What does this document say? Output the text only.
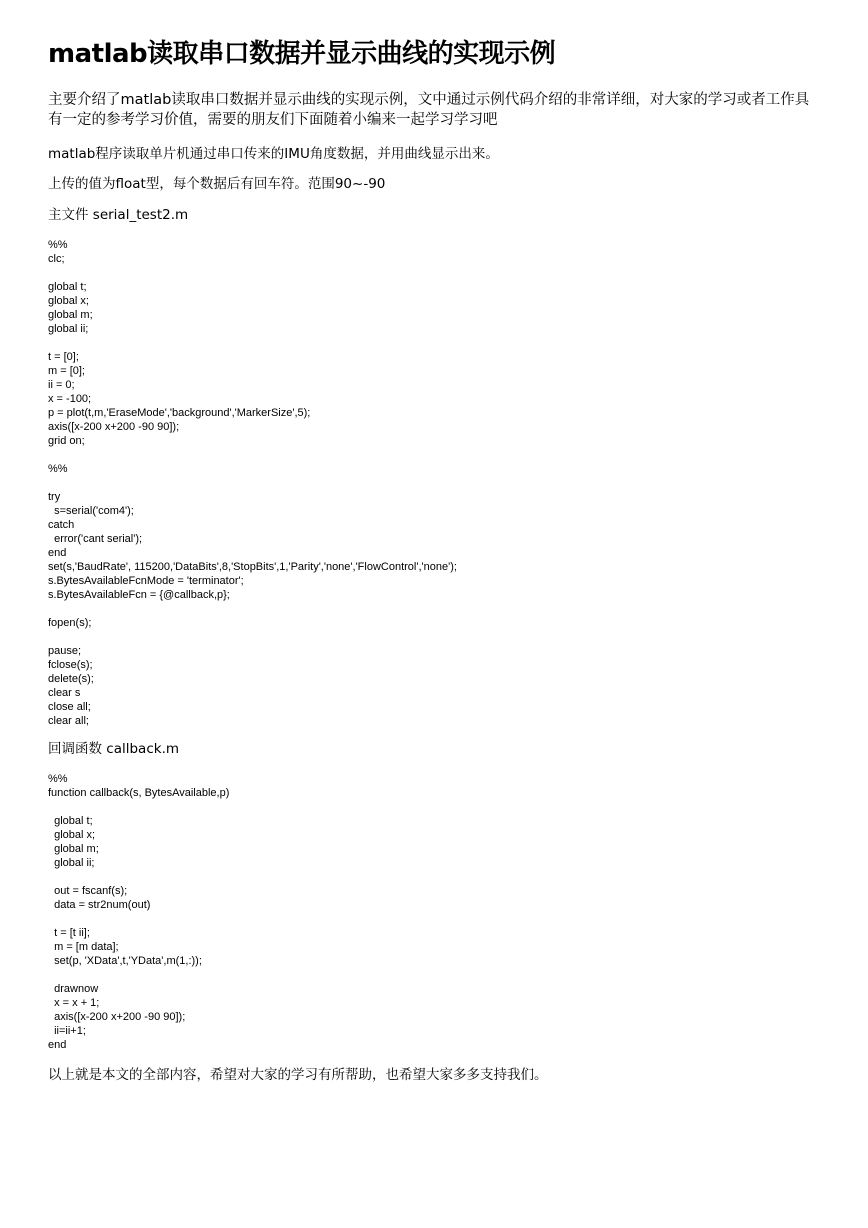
matlab读取串口数据并显示曲线的实现示例

主要介绍了matlab读取串口数据并显示曲线的实现示例，文中通过示例代码介绍的非常详细，对大家的学习或者工作具有一定的参考学习价值，需要的朋友们下面随着小编来一起学习学习吧

matlab程序读取单片机通过串口传来的IMU角度数据，并用曲线显示出来。

上传的值为float型，每个数据后有回车符。范围90~-90

主文件 serial_test2.m

%%
clc;

global t;
global x;
global m;
global ii;

t = [0];
m = [0];
ii = 0;
x = -100;
p = plot(t,m,'EraseMode','background','MarkerSize',5);
axis([x-200 x+200 -90 90]);
grid on;

%%

try
s=serial('com4');
catch
error('cant serial');
end
set(s,'BaudRate', 115200,'DataBits',8,'StopBits',1,'Parity','none','FlowControl','none');
s.BytesAvailableFcnMode = 'terminator';
s.BytesAvailableFcn = {@callback,p};

fopen(s);

pause;
fclose(s);
delete(s);
clear s
close all;
clear all;

回调函数 callback.m

%%
function callback(s, BytesAvailable,p)

global t;
global x;
global m;
global ii;

out = fscanf(s);
data = str2num(out)

t = [t ii];
m = [m data];
set(p, 'XData',t,'YData',m(1,:));

drawnow
x = x + 1;
axis([x-200 x+200 -90 90]);
ii=ii+1;
end

以上就是本文的全部内容，希望对大家的学习有所帮助，也希望大家多多支持我们。
